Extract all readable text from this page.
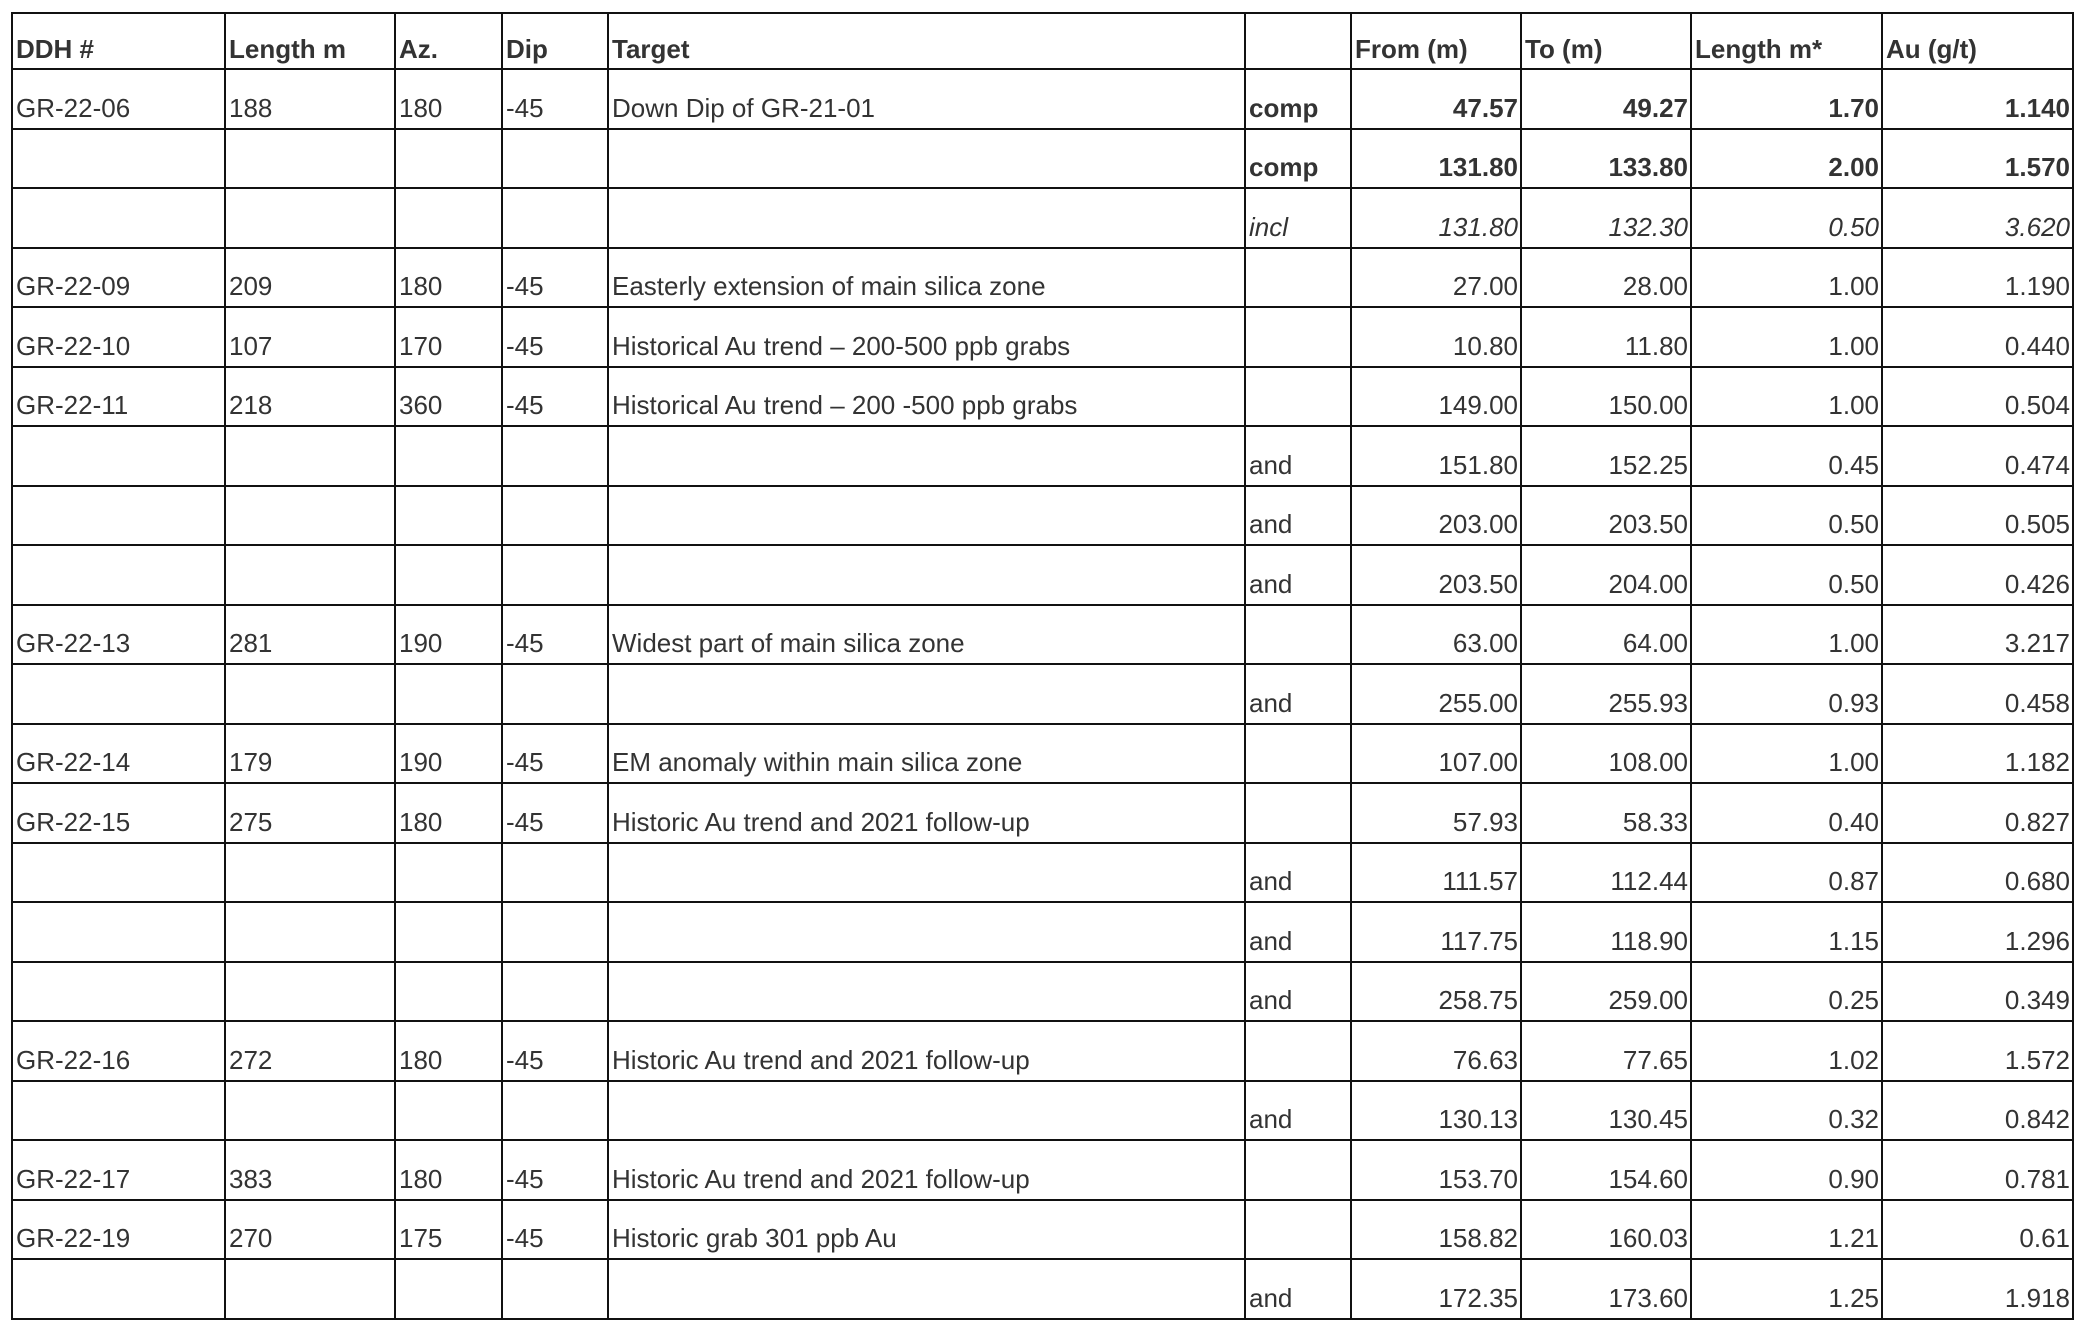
DDH #	Length m	Az.	Dip	Target		From (m)	To (m)	Length m*	Au (g/t)
GR-22-06	188	180	-45	Down Dip of GR-21-01	comp	47.57	49.27	1.70	1.140
					comp	131.80	133.80	2.00	1.570
					incl	131.80	132.30	0.50	3.620
GR-22-09	209	180	-45	Easterly extension of main silica zone		27.00	28.00	1.00	1.190
GR-22-10	107	170	-45	Historical Au trend – 200-500 ppb grabs		10.80	11.80	1.00	0.440
GR-22-11	218	360	-45	Historical Au trend – 200 -500 ppb grabs		149.00	150.00	1.00	0.504
					and	151.80	152.25	0.45	0.474
					and	203.00	203.50	0.50	0.505
					and	203.50	204.00	0.50	0.426
GR-22-13	281	190	-45	Widest part of main silica zone		63.00	64.00	1.00	3.217
					and	255.00	255.93	0.93	0.458
GR-22-14	179	190	-45	EM anomaly within main silica zone		107.00	108.00	1.00	1.182
GR-22-15	275	180	-45	Historic Au trend and 2021 follow-up		57.93	58.33	0.40	0.827
					and	111.57	112.44	0.87	0.680
					and	117.75	118.90	1.15	1.296
					and	258.75	259.00	0.25	0.349
GR-22-16	272	180	-45	Historic Au trend and 2021 follow-up		76.63	77.65	1.02	1.572
					and	130.13	130.45	0.32	0.842
GR-22-17	383	180	-45	Historic Au trend and 2021 follow-up		153.70	154.60	0.90	0.781
GR-22-19	270	175	-45	Historic grab 301 ppb Au		158.82	160.03	1.21	0.61
					and	172.35	173.60	1.25	1.918
